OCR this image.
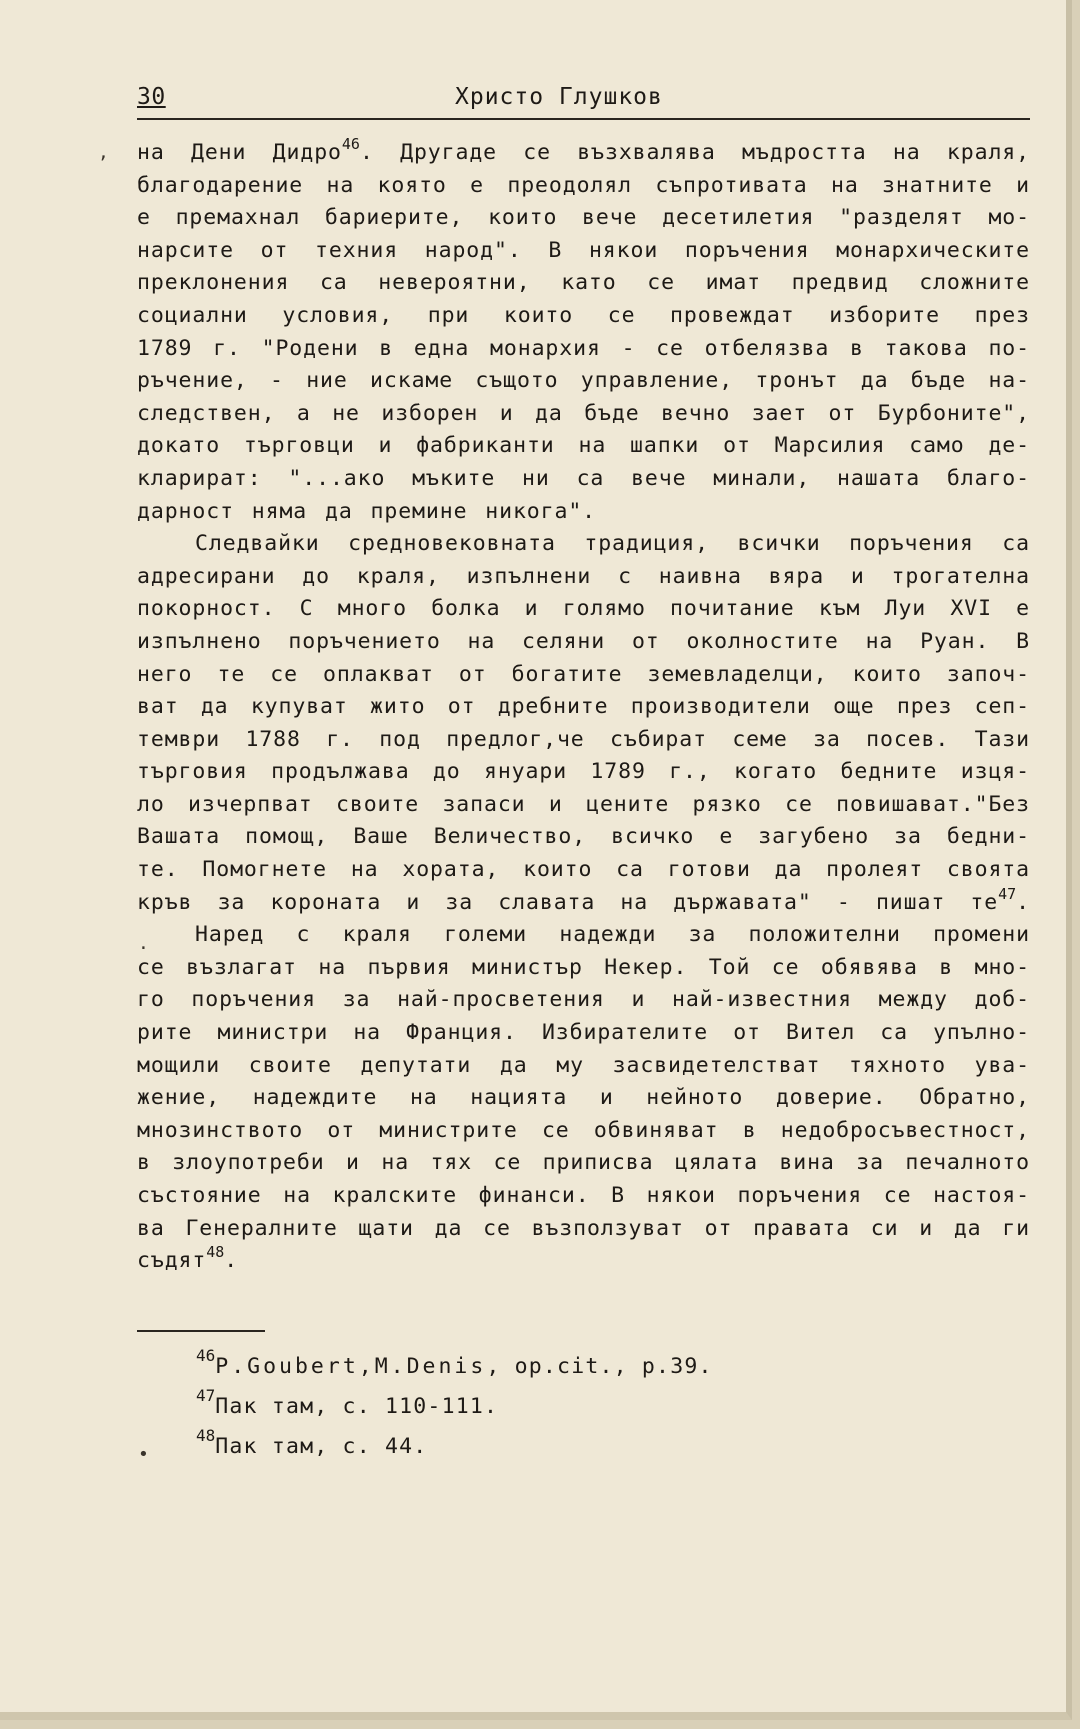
30	Христо Глушков
на Дени Дидро$^{46}$. Другаде се възхвалява мъдростта на краля,
благодарение на която е преодолял съпротивата на знатните и
е премахнал бариерите, които вече десетилетия "разделят мо-
нарсите от техния народ". В някои поръчения монархическите
преклонения са невероятни, като се имат предвид сложните
социални условия, при които се провеждат изборите през
1789 г. "Родени в една монархия - се отбелязва в такова по-
ръчение, - ние искаме същото управление, тронът да бъде на-
следствен, а не изборен и да бъде вечно зает от Бурбоните",
докато търговци и фабриканти на шапки от Марсилия само де-
кларират: "...ако мъките ни са вече минали, нашата благо-
дарност няма да премине никога".
Следвайки средновековната традиция, всички поръчения са
адресирани до краля, изпълнени с наивна вяра и трогателна
покорност. С много болка и голямо почитание към Луи XVI е
изпълнено поръчението на селяни от околностите на Руан. В
него те се оплакват от богатите земевладелци, които започ-
ват да купуват жито от дребните производители още през сеп-
тември 1788 г. под предлог,че събират семе за посев. Тази
търговия продължава до януари 1789 г., когато бедните изця-
ло изчерпват своите запаси и цените рязко се повишават."Без
Вашата помощ, Ваше Величество, всичко е загубено за бедни-
те. Помогнете на хората, които са готови да пролеят своята
кръв за короната и за славата на държавата" - пишат те$^{47}$.
Наред с краля големи надежди за положителни промени
се възлагат на първия министър Некер. Той се обявява в мно-
го поръчения за най-просветения и най-известния между доб-
рите министри на Франция. Избирателите от Вител са упълно-
мощили своите депутати да му засвидетелстват тяхното ува-
жение, надеждите на нацията и нейното доверие. Обратно,
мнозинството от министрите се обвиняват в недобросъвестност,
в злоупотреби и на тях се приписва цялата вина за печалното
състояние на кралските финанси. В някои поръчения се настоя-
ва Генералните щати да се възползуват от правата си и да ги
съдят$^{48}$.
$^{46}$P.Goubert,M.Denis, op.cit., p.39.
$^{47}$Пак там, с. 110-111.
$^{48}$Пак там, с. 44.
,
·
•
